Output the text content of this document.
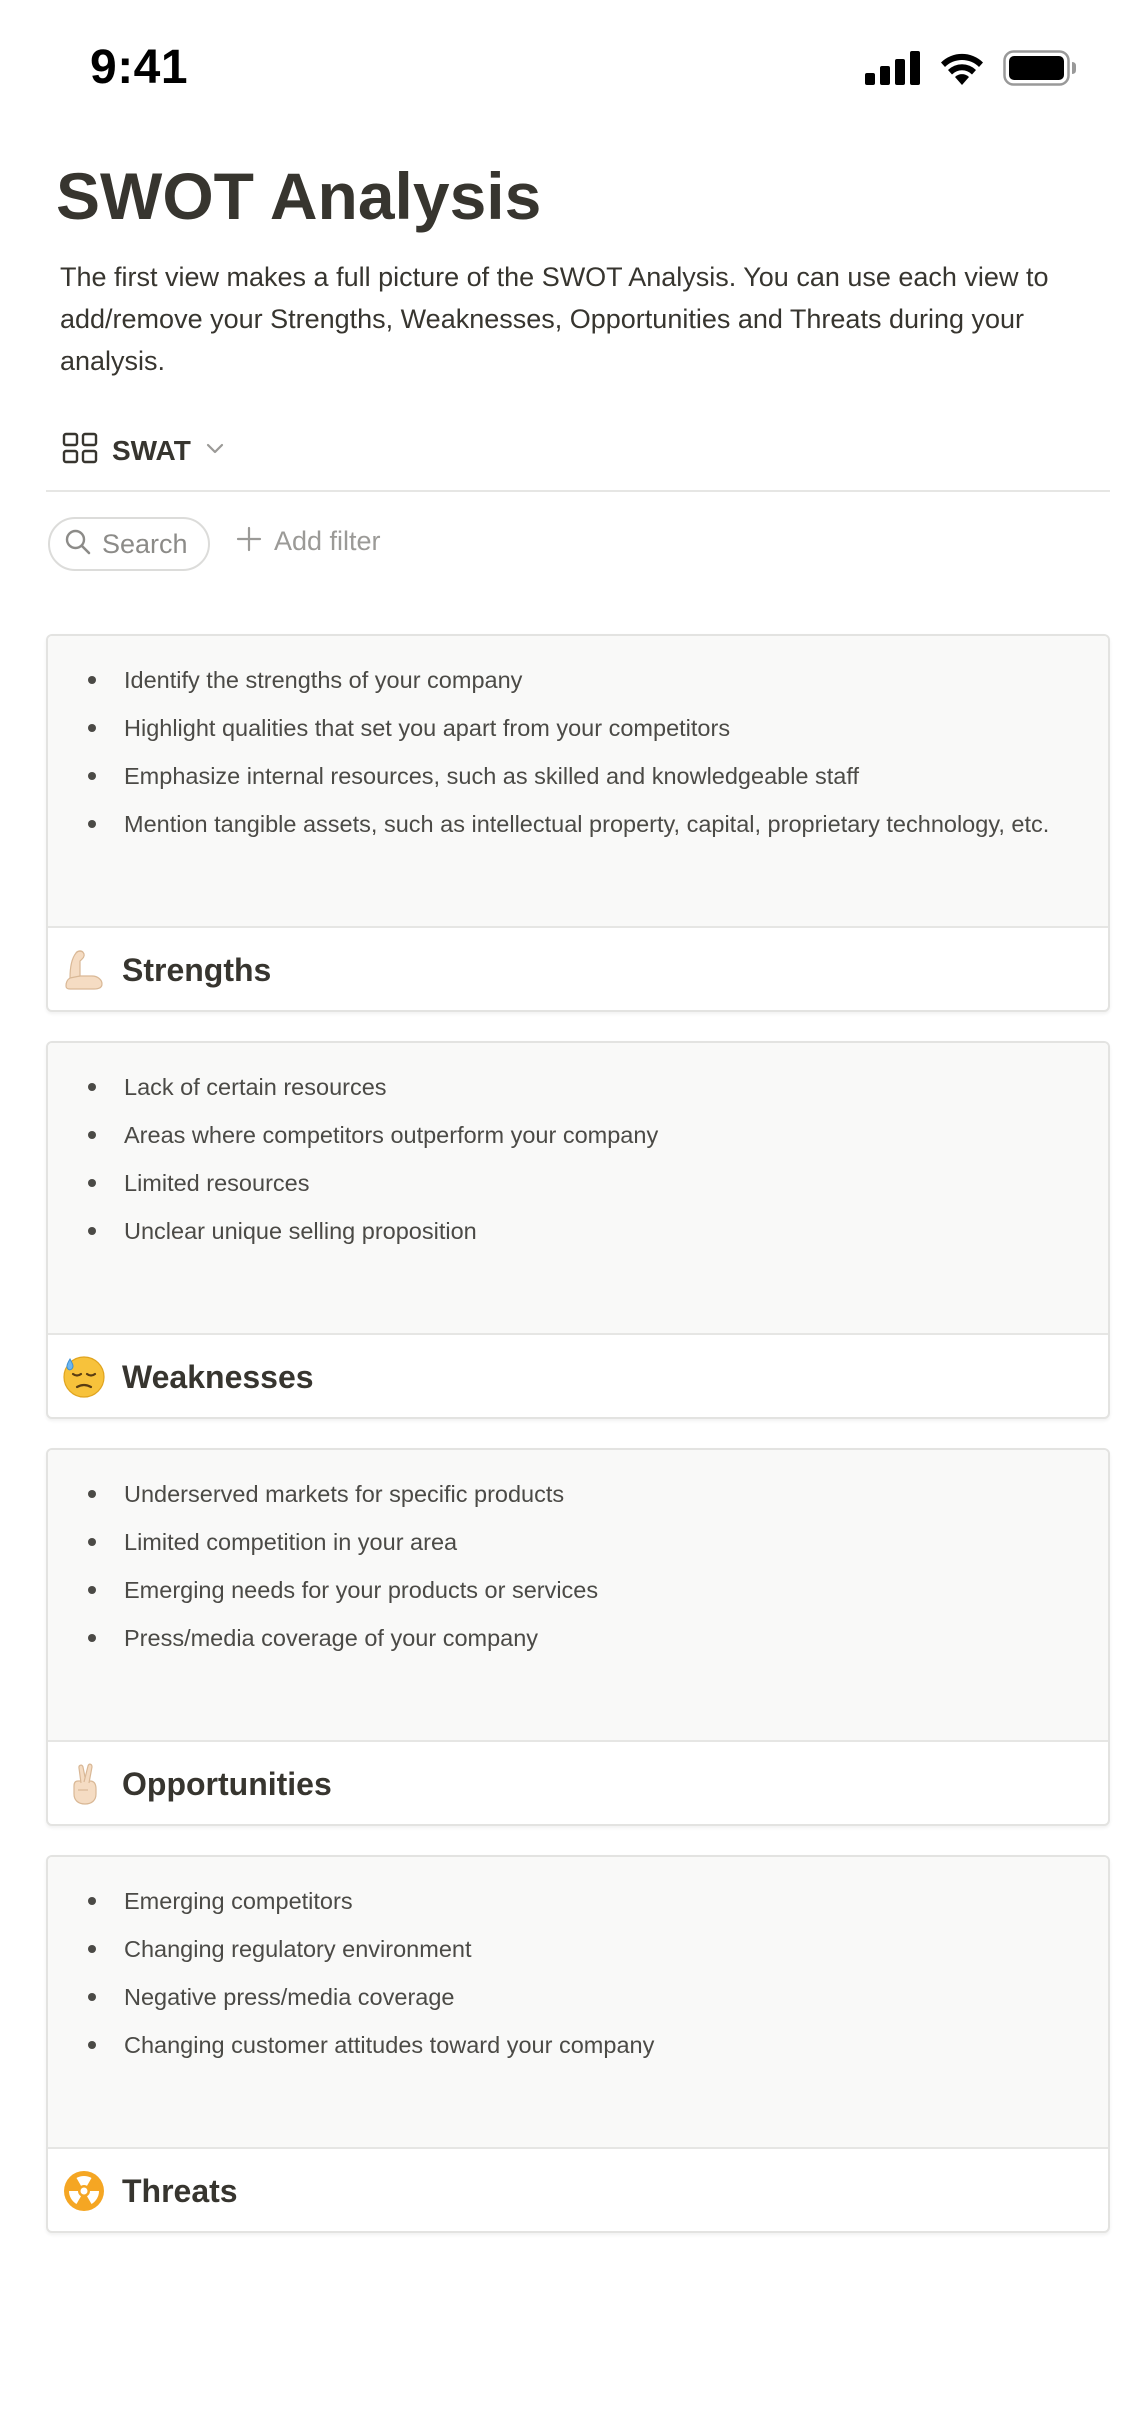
9:41
SWOT Analysis

The first view makes a full picture of the SWOT Analysis. You can use each view to add/remove your Strengths, Weaknesses, Opportunities and Threats during your analysis.

SWAT
Search	Add filter
Identify the strengths of your company
Highlight qualities that set you apart from your competitors
Emphasize internal resources, such as skilled and knowledgeable staff
Mention tangible assets, such as intellectual property, capital, proprietary technology, etc.
Strengths
Lack of certain resources
Areas where competitors outperform your company
Limited resources
Unclear unique selling proposition
Weaknesses
Underserved markets for specific products
Limited competition in your area
Emerging needs for your products or services
Press/media coverage of your company
Opportunities
Emerging competitors
Changing regulatory environment
Negative press/media coverage
Changing customer attitudes toward your company
Threats
